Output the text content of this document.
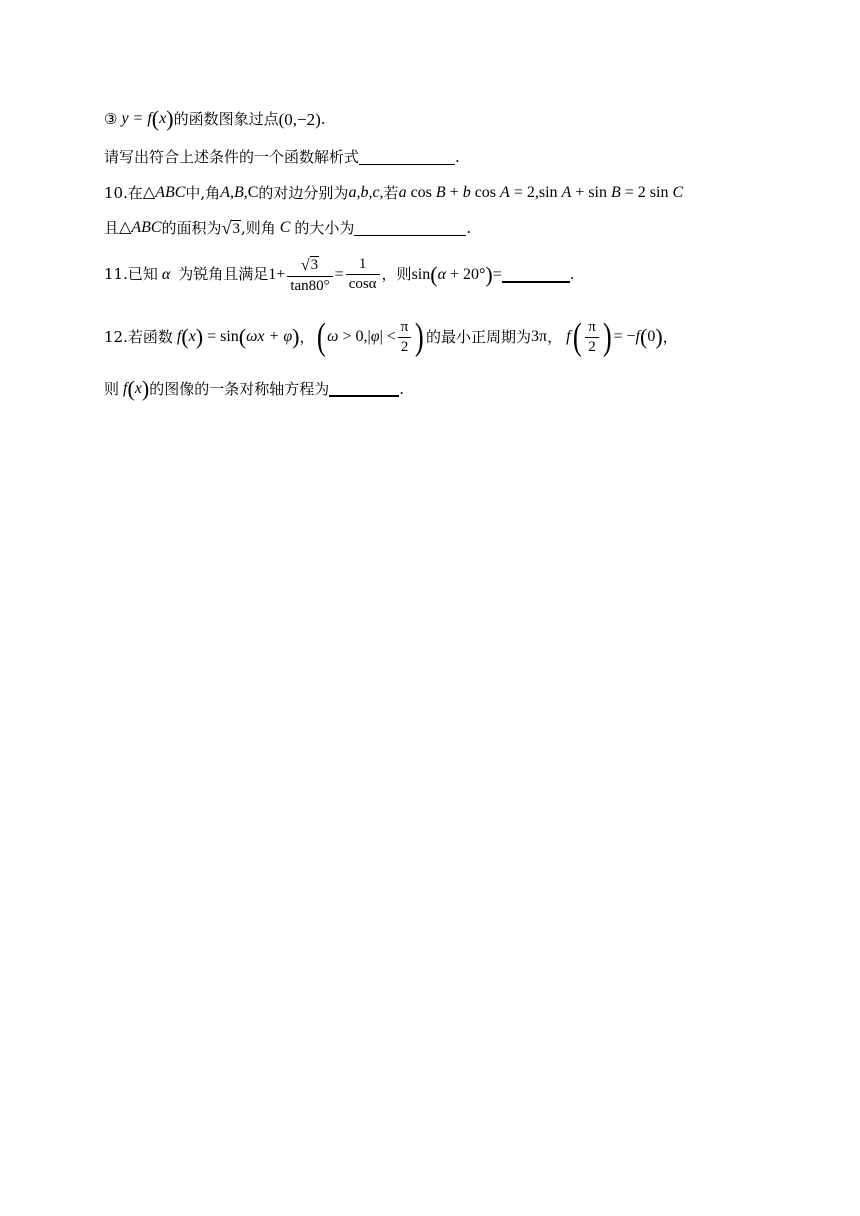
③ y = f ( x ) 的函数图象过点 (0,−2) .
请写出符合上述条件的一个函数解析式	.
10. 在 △ABC 中,角 A,B,C 的对边分别为 a,b,c, 若 a cos B + b cos A = 2 , sin A + sin B = 2 sin C
且 △ABC 的面积为 √ 3 ,则角 C 的大小为	.
11. 已知 α 为锐角且满足 $1+ \frac{√ 3}{\tan 80^\circ} = \frac{1}{\cos\alpha}$ ，则 sin ( α + 20° ) =	.
12. 若函数 f ( x ) = sin ( ωx + φ ) ， ( $\omega > 0,|\varphi| < \frac{\pi}{2}$ ) 的最小正周期为 3π ， f ( $\frac{\pi}{2}$ ) = −f ( 0 ) ，
则 f ( x ) 的图像的一条对称轴方程为	.
